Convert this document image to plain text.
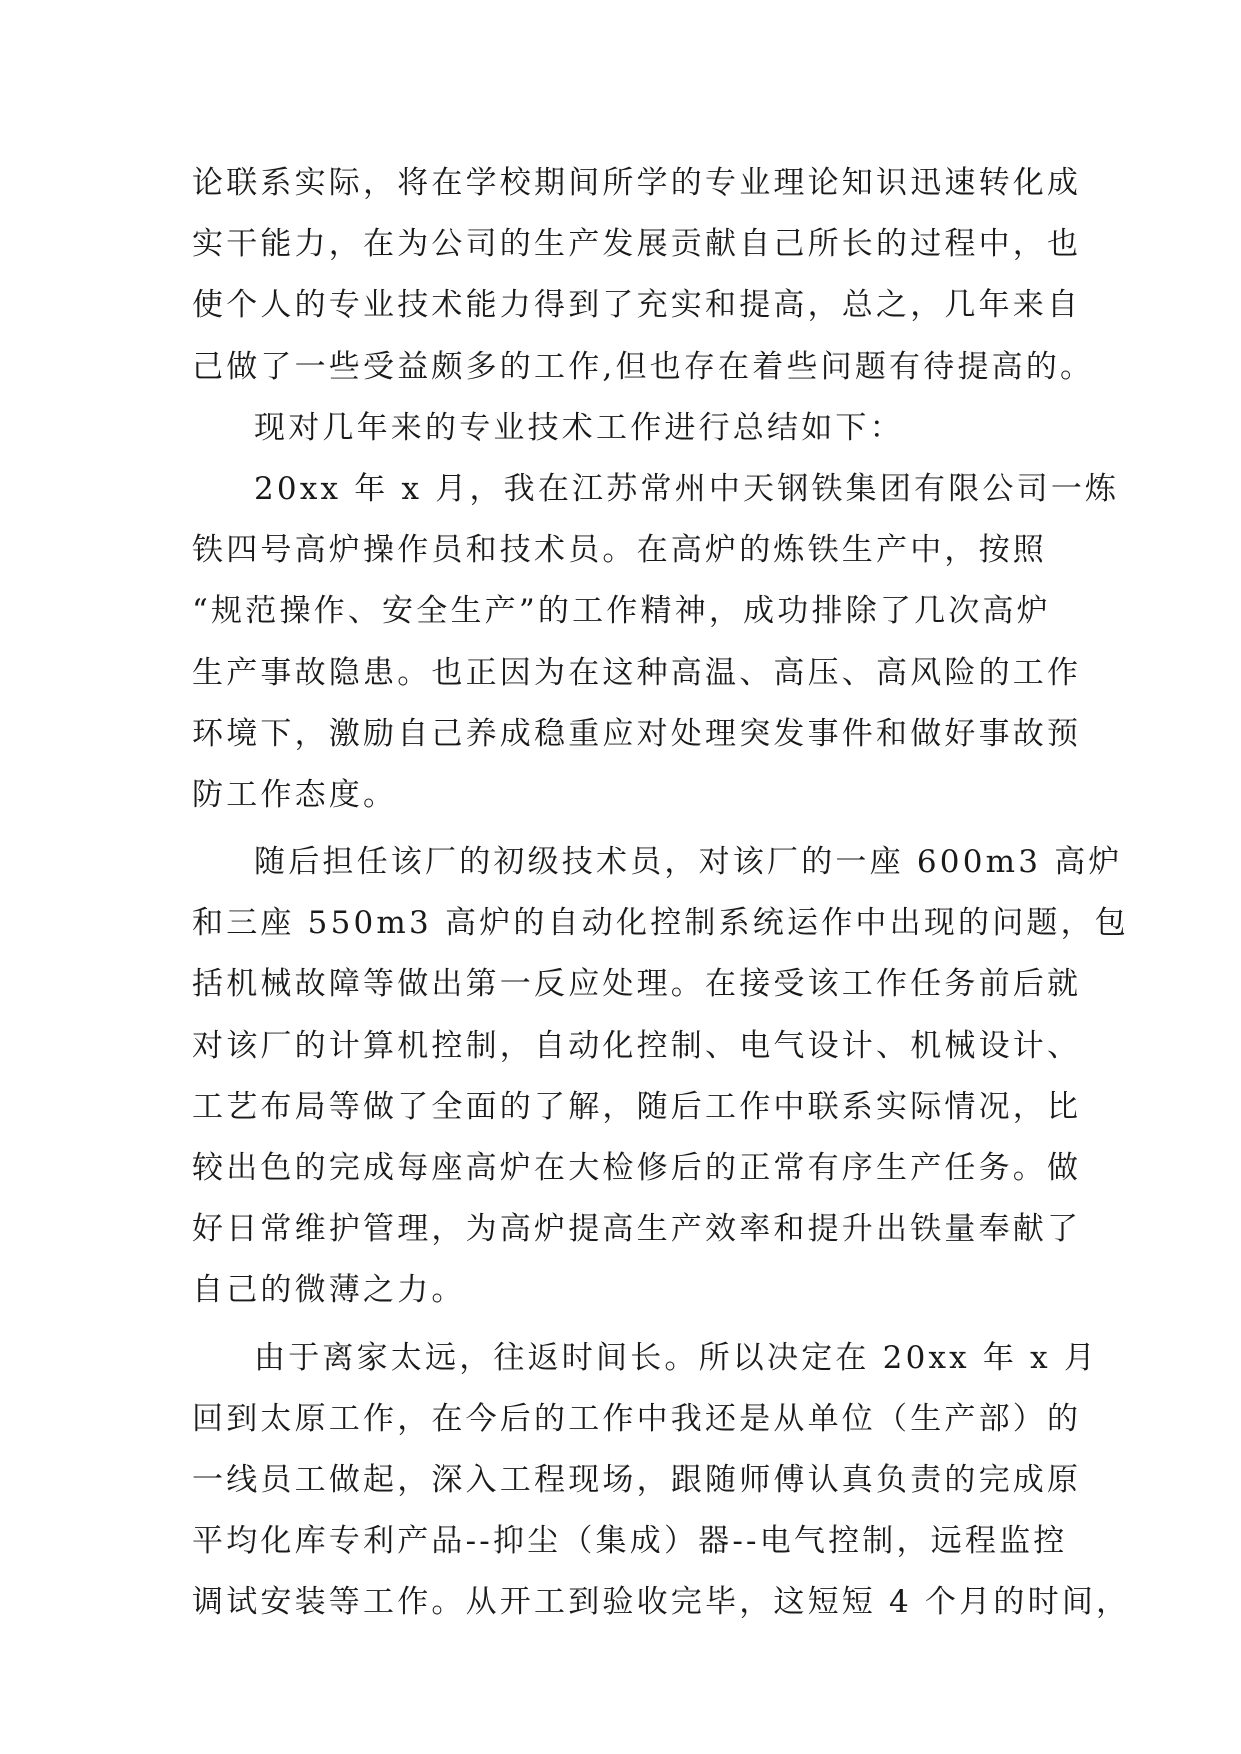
论联系实际，将在学校期间所学的专业理论知识迅速转化成
实干能力，在为公司的生产发展贡献自己所长的过程中，也
使个人的专业技术能力得到了充实和提高，总之，几年来自
己做了一些受益颇多的工作,但也存在着些问题有待提高的。
现对几年来的专业技术工作进行总结如下：
20xx 年 x 月，我在江苏常州中天钢铁集团有限公司一炼
铁四号高炉操作员和技术员。在高炉的炼铁生产中，按照
“规范操作、安全生产”的工作精神，成功排除了几次高炉
生产事故隐患。也正因为在这种高温、高压、高风险的工作
环境下，激励自己养成稳重应对处理突发事件和做好事故预
防工作态度。
随后担任该厂的初级技术员，对该厂的一座 600m3 高炉
和三座 550m3 高炉的自动化控制系统运作中出现的问题，包
括机械故障等做出第一反应处理。在接受该工作任务前后就
对该厂的计算机控制，自动化控制、电气设计、机械设计、
工艺布局等做了全面的了解，随后工作中联系实际情况，比
较出色的完成每座高炉在大检修后的正常有序生产任务。做
好日常维护管理，为高炉提高生产效率和提升出铁量奉献了
自己的微薄之力。
由于离家太远，往返时间长。所以决定在 20xx 年 x 月
回到太原工作，在今后的工作中我还是从单位（生产部）的
一线员工做起，深入工程现场，跟随师傅认真负责的完成原
平均化库专利产品--抑尘（集成）器--电气控制，远程监控
调试安装等工作。从开工到验收完毕，这短短 4 个月的时间，
